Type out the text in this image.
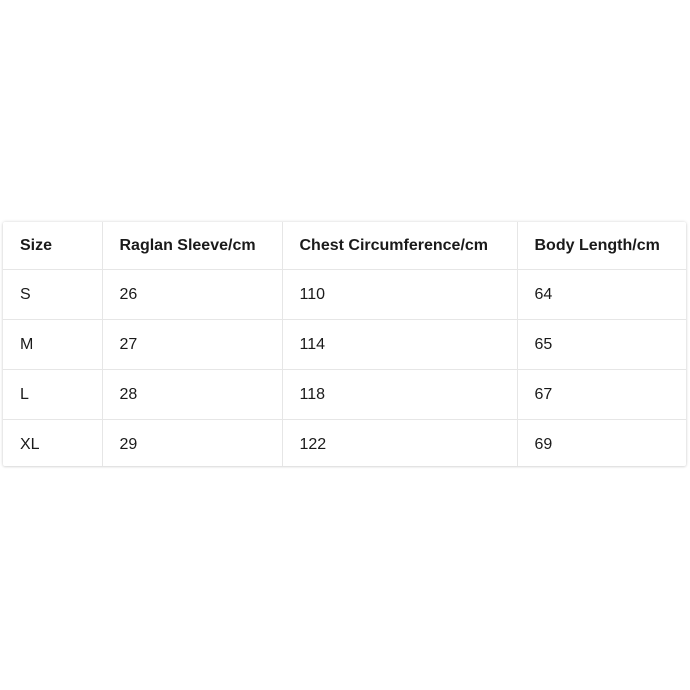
Size	Raglan Sleeve/cm	Chest Circumference/cm	Body Length/cm
S	26	110	64
M	27	114	65
L	28	118	67
XL	29	122	69
